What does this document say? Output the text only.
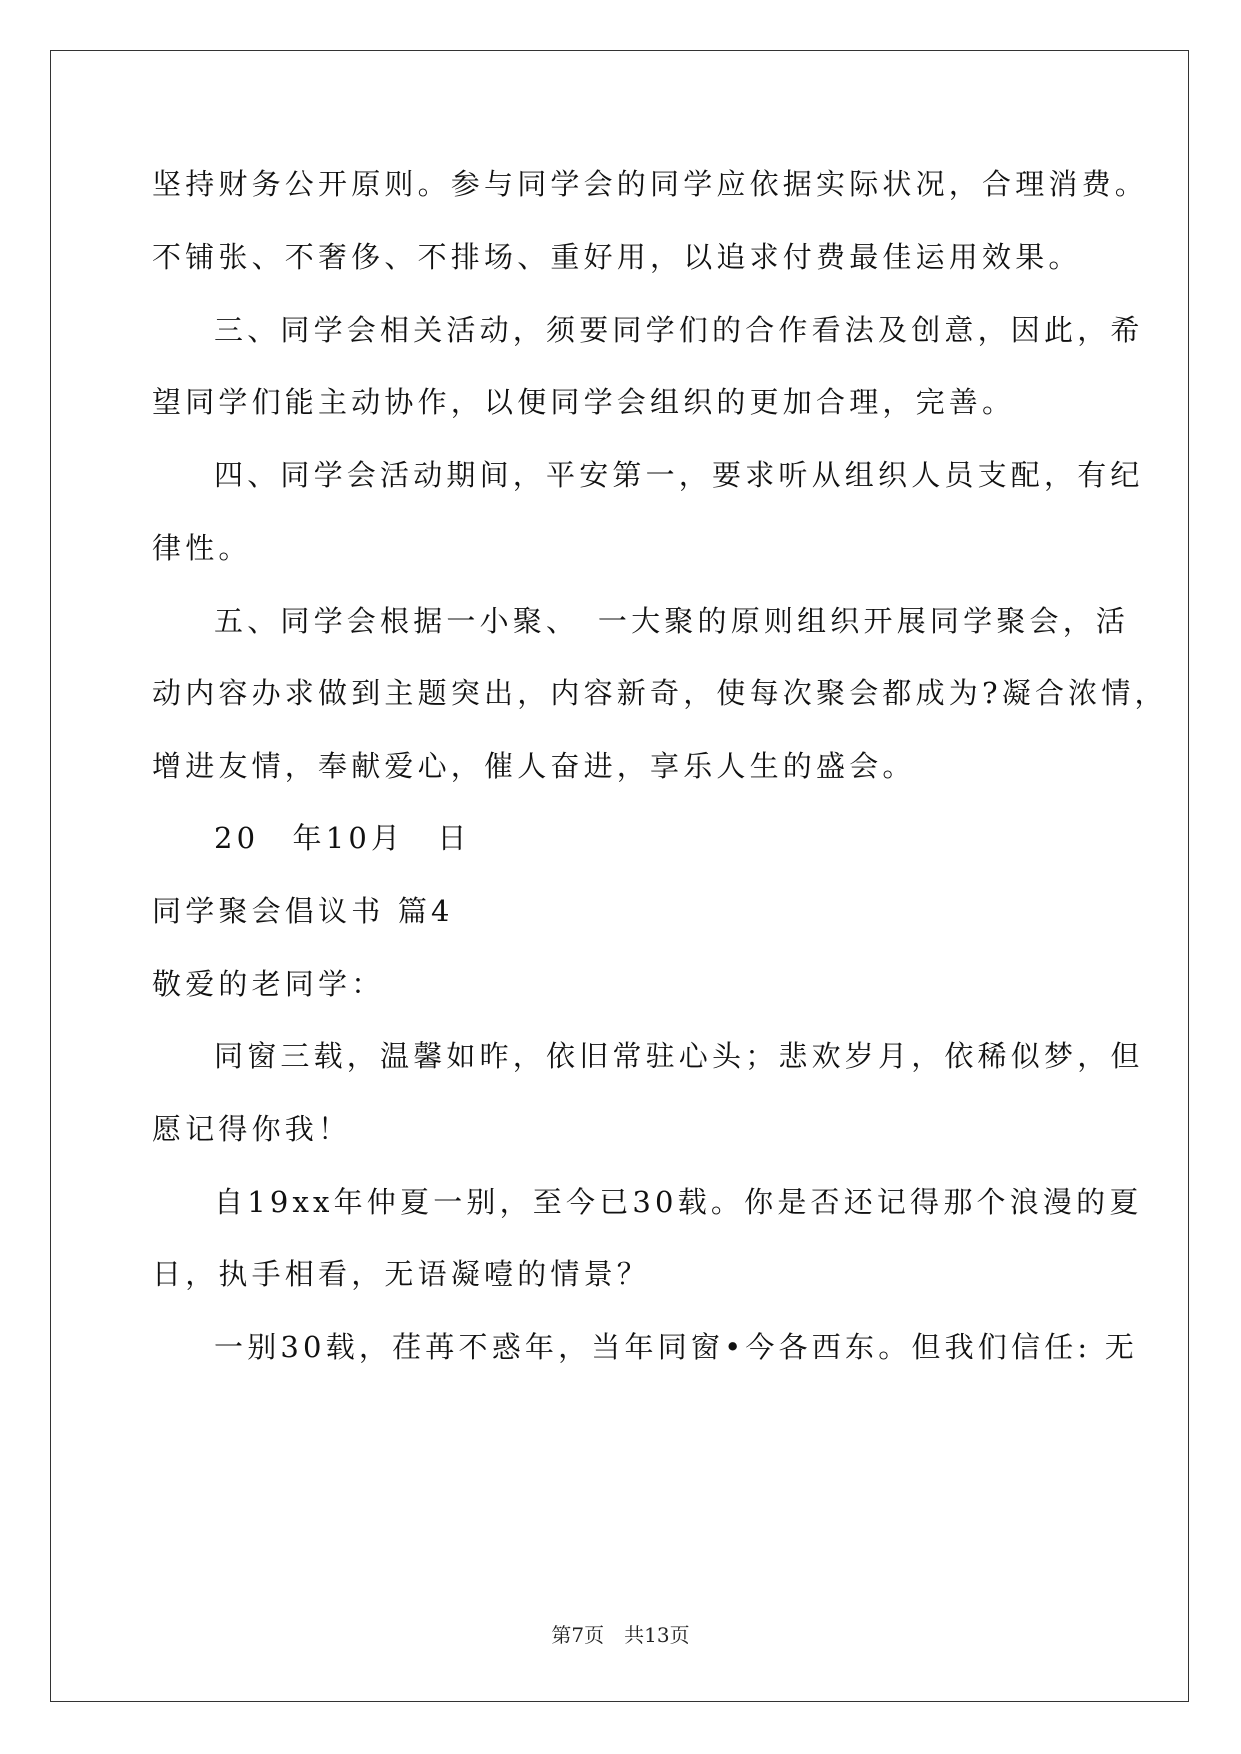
坚持财务公开原则。参与同学会的同学应依据实际状况，合理消费。
不铺张、不奢侈、不排场、重好用，以追求付费最佳运用效果。
三、同学会相关活动，须要同学们的合作看法及创意，因此，希
望同学们能主动协作，以便同学会组织的更加合理，完善。
四、同学会活动期间，平安第一，要求听从组织人员支配，有纪
律性。
五、同学会根据一小聚、　一大聚的原则组织开展同学聚会，活
动内容办求做到主题突出，内容新奇，使每次聚会都成为?凝合浓情，
增进友情，奉献爱心，催人奋进，享乐人生的盛会。
20　年10月　日
同学聚会倡议书 篇4
敬爱的老同学：
同窗三载，温馨如昨，依旧常驻心头；悲欢岁月，依稀似梦，但
愿记得你我！
自19xx年仲夏一别，至今已30载。你是否还记得那个浪漫的夏
日，执手相看，无语凝噎的情景？
一别30载，荏苒不惑年，当年同窗•今各西东。但我们信任: 无
第7页　共13页
